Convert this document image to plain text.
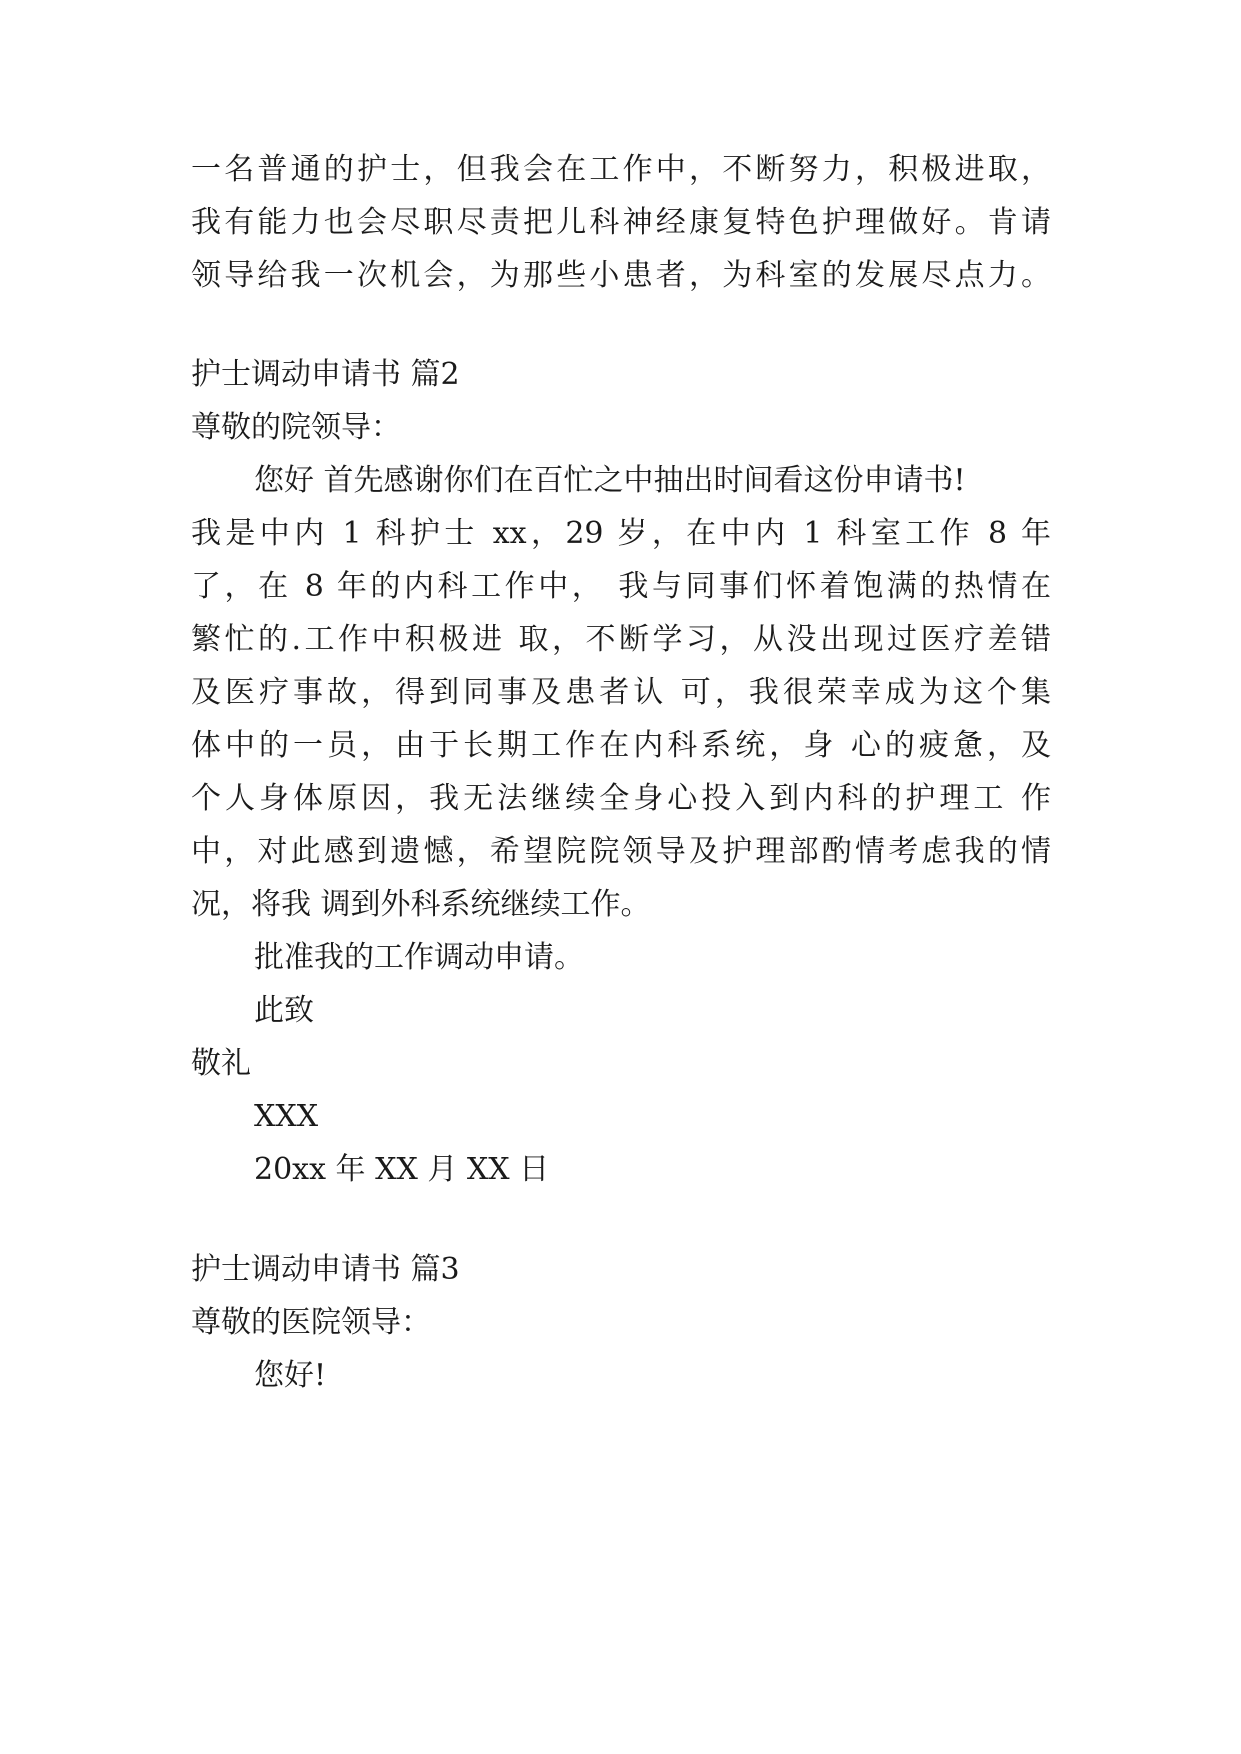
一名普通的护士，但我会在工作中，不断努力，积极进取，
我有能力也会尽职尽责把儿科神经康复特色护理做好。肯请
领导给我一次机会，为那些小患者，为科室的发展尽点力。
护士调动申请书 篇2
尊敬的院领导：
您好 首先感谢你们在百忙之中抽出时间看这份申请书!
我是中内 1 科护士 xx，29 岁，在中内 1 科室工作 8 年
了，在 8 年的内科工作中， 我与同事们怀着饱满的热情在
繁忙的.工作中积极进 取，不断学习，从没出现过医疗差错
及医疗事故，得到同事及患者认 可，我很荣幸成为这个集
体中的一员，由于长期工作在内科系统，身 心的疲惫，及
个人身体原因，我无法继续全身心投入到内科的护理工 作
中，对此感到遗憾，希望院院领导及护理部酌情考虑我的情
况，将我 调到外科系统继续工作。
批准我的工作调动申请。
此致
敬礼
XXX
20xx 年 XX 月 XX 日
护士调动申请书 篇3
尊敬的医院领导：
您好!
